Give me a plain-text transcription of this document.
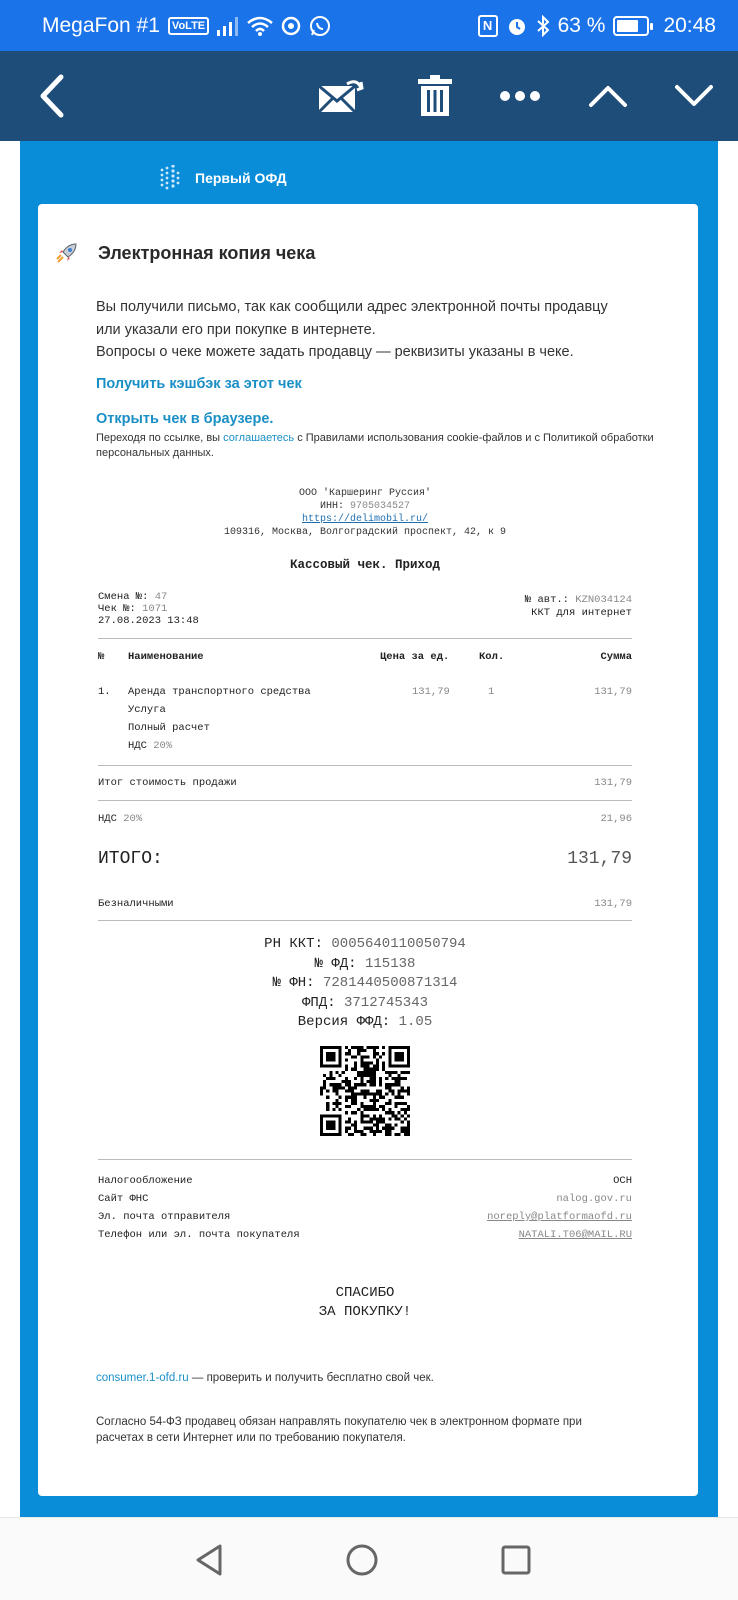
MegaFon #1	VoLTE	N	63 %	20:48
Первый ОФД
Электронная копия чека
Вы получили письмо, так как сообщили адрес электронной почты продавцу
или указали его при покупке в интернете.
Вопросы о чеке можете задать продавцу — реквизиты указаны в чеке.
Получить кэшбэк за этот чек
Открыть чек в браузере.
Переходя по ссылке, вы соглашаетесь с Правилами использования cookie-файлов и с Политикой обработки персональных данных.
ООО 'Каршеринг Руссия'
ИНН: 9705034527
https://delimobil.ru/
109316, Москва, Волгоградский проспект, 42, к 9
Кассовый чек. Приход
Смена №: 47
Чек №: 1071
27.08.2023 13:48
№ авт.: KZN034124
ККТ для интернет
№ Наименование	Цена за ед.	Кол.	Сумма
1. Аренда транспортного средства	131,79	1	131,79
Услуга
Полный расчет
НДС 20%
Итог стоимость продажи	131,79
НДС 20%	21,96
ИТОГО:	131,79
Безналичными	131,79
РН ККТ: 0005640110050794
№ ФД: 115138
№ ФН: 7281440500871314
ФПД: 3712745343
Версия ФФД: 1.05
Налогообложение	ОСН
Сайт ФНС	nalog.gov.ru
Эл. почта отправителя	noreply@platformaofd.ru
Телефон или эл. почта покупателя	NATALI.T06@MAIL.RU
СПАСИБО
ЗА ПОКУПКУ!
consumer.1-ofd.ru — проверить и получить бесплатно свой чек.
Согласно 54-ФЗ продавец обязан направлять покупателю чек в электронном формате при
расчетах в сети Интернет или по требованию покупателя.
